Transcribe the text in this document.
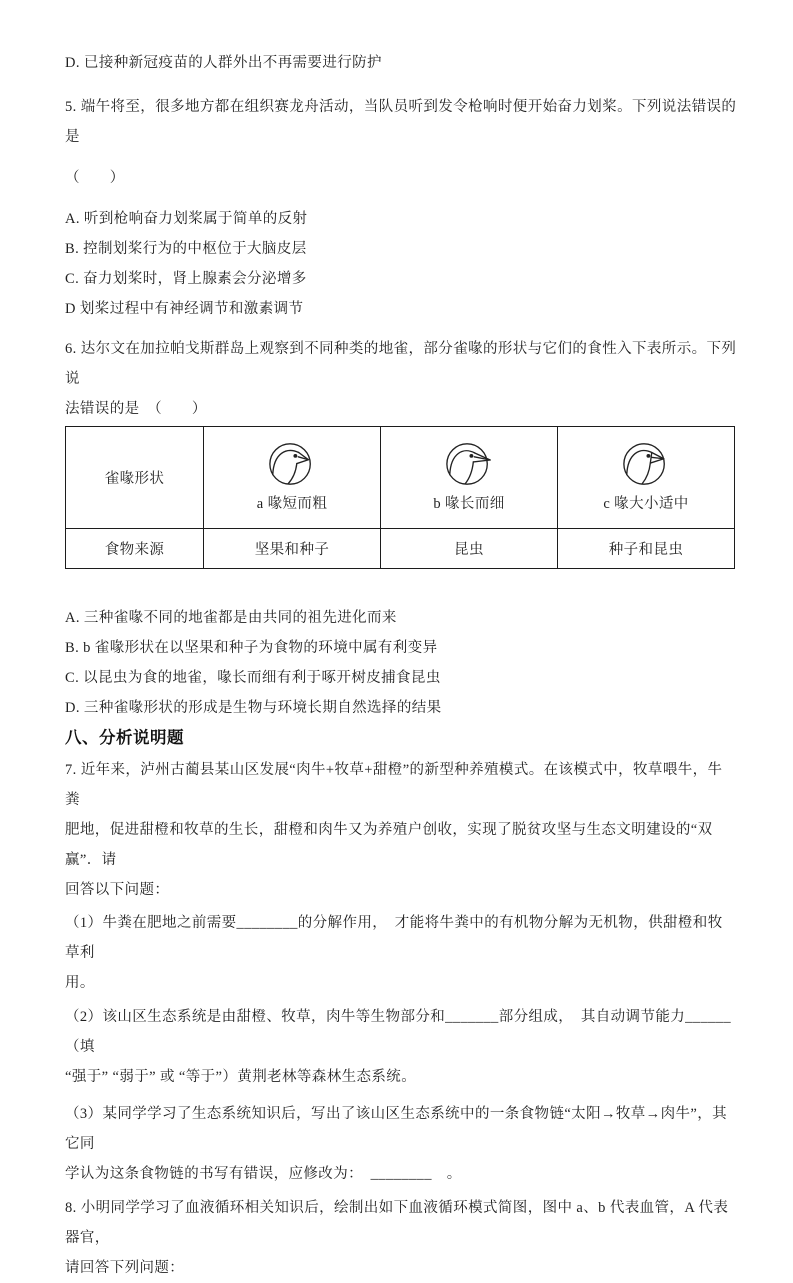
D. 已接种新冠疫苗的人群外出不再需要进行防护
5. 端午将至，很多地方都在组织赛龙舟活动，当队员听到发令枪响时便开始奋力划桨。下列说法错误的是
（　　）
A. 听到枪响奋力划桨属于简单的反射
B. 控制划桨行为的中枢位于大脑皮层
C. 奋力划桨时，肾上腺素会分泌增多
D 划桨过程中有神经调节和激素调节
6. 达尔文在加拉帕戈斯群岛上观察到不同种类的地雀，部分雀喙的形状与它们的食性入下表所示。下列说
法错误的是　（　　）
雀喙形状	a 喙短而粗	b 喙长而细	c 喙大小适中

食物来源	坚果和种子	昆虫	种子和昆虫
A. 三种雀喙不同的地雀都是由共同的祖先进化而来
B. b 雀喙形状在以坚果和种子为食物的环境中属有利变异
C. 以昆虫为食的地雀，喙长而细有利于啄开树皮捕食昆虫
D. 三种雀喙形状的形成是生物与环境长期自然选择的结果
八、分析说明题
7. 近年来，泸州古蔺县某山区发展“肉牛+牧草+甜橙”的新型种养殖模式。在该模式中，牧草喂牛，牛粪
肥地，促进甜橙和牧草的生长，甜橙和肉牛又为养殖户创收，实现了脱贫攻坚与生态文明建设的“双赢”．请
回答以下问题：
（1）牛粪在肥地之前需要________的分解作用，　才能将牛粪中的有机物分解为无机物，供甜橙和牧草利
用。
（2）该山区生态系统是由甜橙、牧草，肉牛等生物部分和_______部分组成，　其自动调节能力______（填
“强于” “弱于” 或 “等于”）黄荆老林等森林生态系统。
（3）某同学学习了生态系统知识后，写出了该山区生态系统中的一条食物链“太阳→牧草→肉牛”，其它同
学认为这条食物链的书写有错误，应修改为：　________　。
8. 小明同学学习了血液循环相关知识后，绘制出如下血液循环模式简图，图中 a、b 代表血管，A 代表器官，
请回答下列问题：
